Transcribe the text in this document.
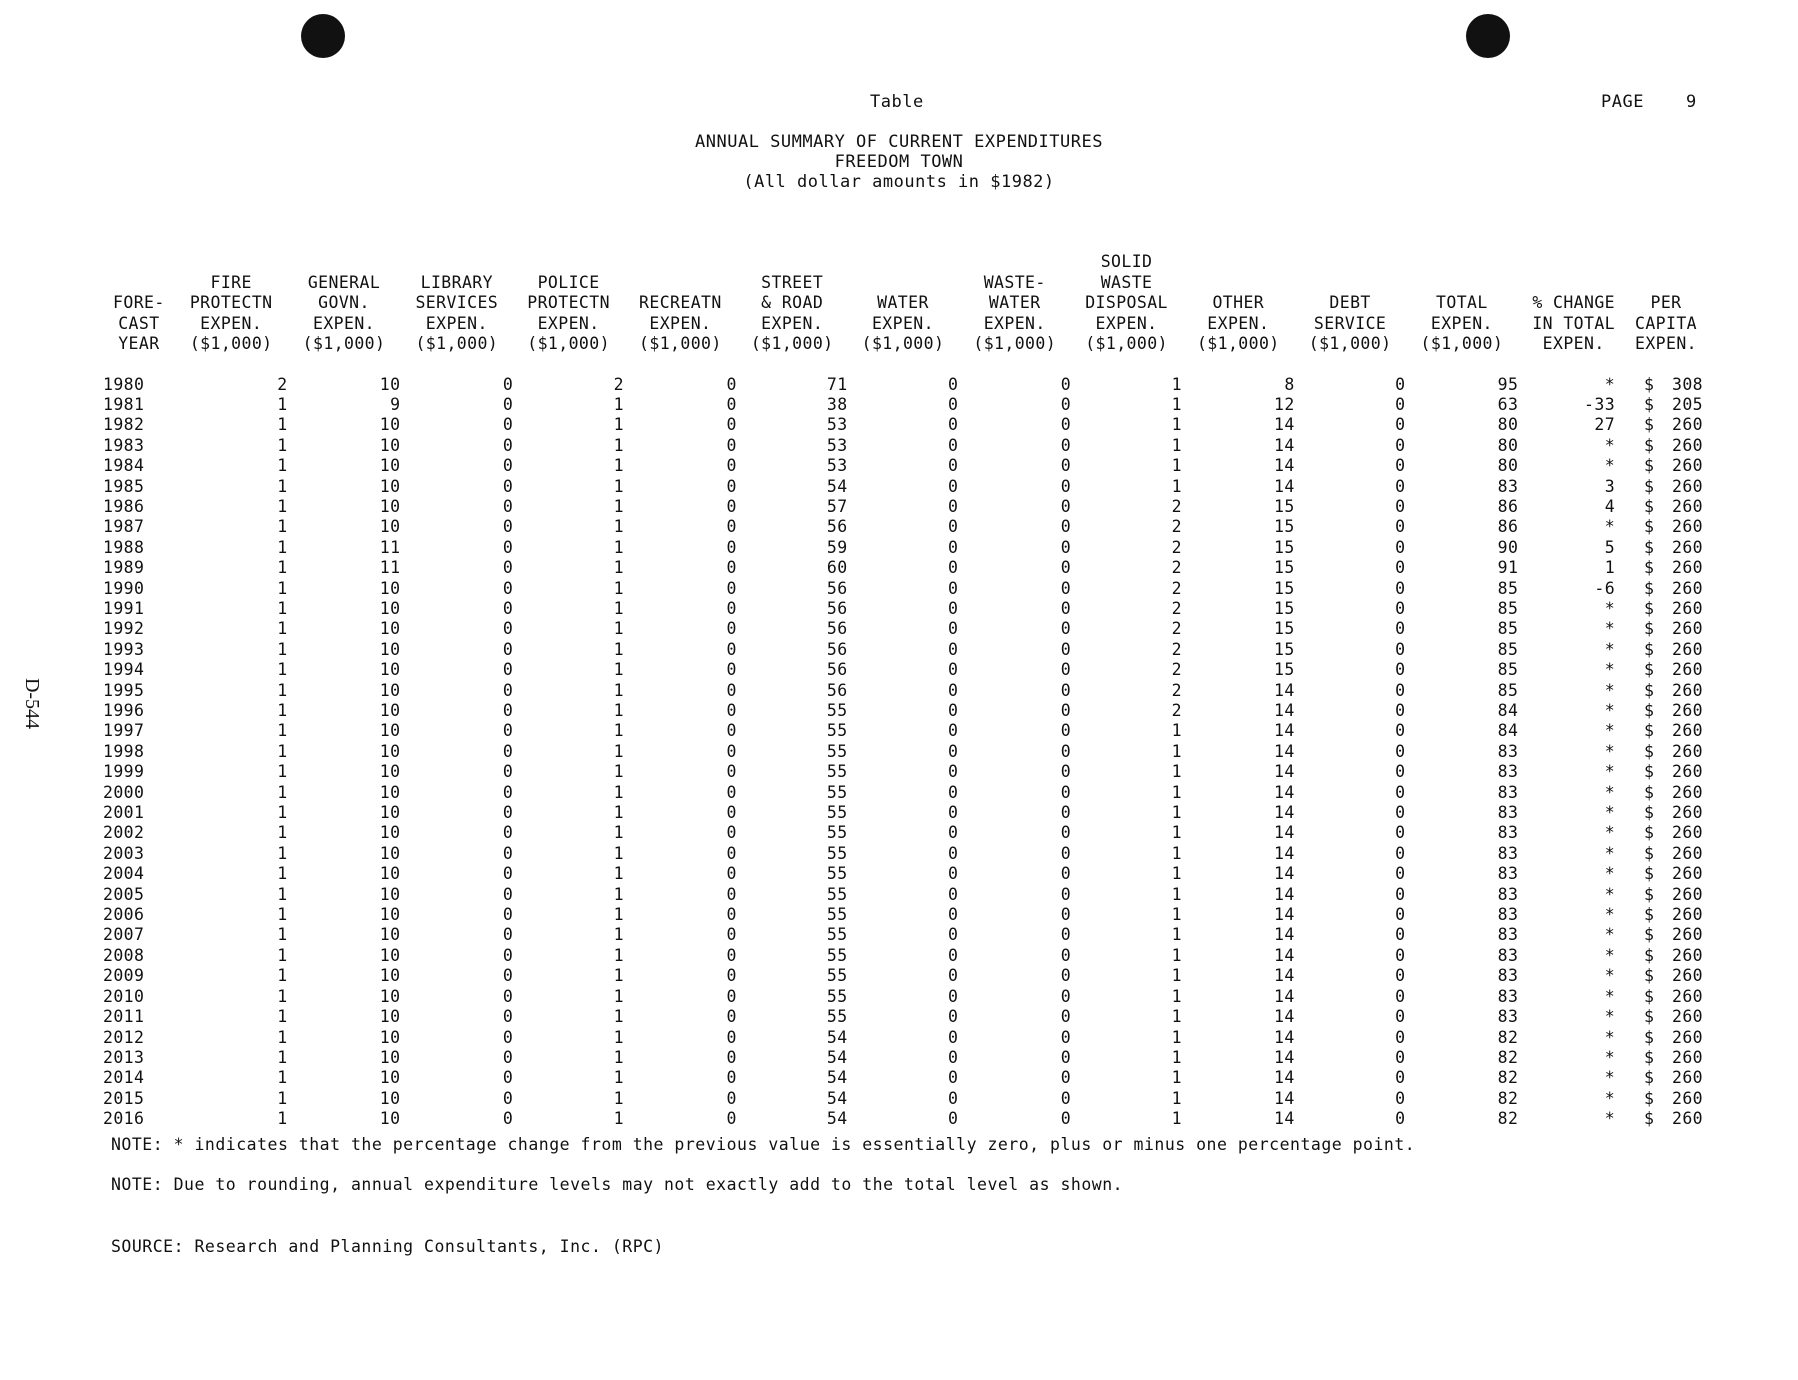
Table	PAGE 9
ANNUAL SUMMARY OF CURRENT EXPENDITURES
FREEDOM TOWN
(All dollar amounts in $1982)
D-544
	FIRE	GENERAL	LIBRARY	POLICE		STREET		WASTE-	SOLID WASTE					
FORE-	PROTECTN	GOVN.	SERVICES	PROTECTN	RECREATN	& ROAD	WATER	WATER	DISPOSAL	OTHER	DEBT	TOTAL	% CHANGE	PER
CAST	EXPEN.	EXPEN.	EXPEN.	EXPEN.	EXPEN.	EXPEN.	EXPEN.	EXPEN.	EXPEN.	EXPEN.	SERVICE	EXPEN.	IN TOTAL	CAPITA
YEAR	($1,000)	($1,000)	($1,000)	($1,000)	($1,000)	($1,000)	($1,000)	($1,000)	($1,000)	($1,000)	($1,000)	($1,000)	EXPEN.	EXPEN.
1980	2	10	0	2	0	71	0	0	1	8	0	95	*	$ 308
1981	1	9	0	1	0	38	0	0	1	12	0	63	-33	$ 205
1982	1	10	0	1	0	53	0	0	1	14	0	80	27	$ 260
1983	1	10	0	1	0	53	0	0	1	14	0	80	*	$ 260
1984	1	10	0	1	0	53	0	0	1	14	0	80	*	$ 260
1985	1	10	0	1	0	54	0	0	1	14	0	83	3	$ 260
1986	1	10	0	1	0	57	0	0	2	15	0	86	4	$ 260
1987	1	10	0	1	0	56	0	0	2	15	0	86	*	$ 260
1988	1	11	0	1	0	59	0	0	2	15	0	90	5	$ 260
1989	1	11	0	1	0	60	0	0	2	15	0	91	1	$ 260
1990	1	10	0	1	0	56	0	0	2	15	0	85	-6	$ 260
1991	1	10	0	1	0	56	0	0	2	15	0	85	*	$ 260
1992	1	10	0	1	0	56	0	0	2	15	0	85	*	$ 260
1993	1	10	0	1	0	56	0	0	2	15	0	85	*	$ 260
1994	1	10	0	1	0	56	0	0	2	15	0	85	*	$ 260
1995	1	10	0	1	0	56	0	0	2	14	0	85	*	$ 260
1996	1	10	0	1	0	55	0	0	2	14	0	84	*	$ 260
1997	1	10	0	1	0	55	0	0	1	14	0	84	*	$ 260
1998	1	10	0	1	0	55	0	0	1	14	0	83	*	$ 260
1999	1	10	0	1	0	55	0	0	1	14	0	83	*	$ 260
2000	1	10	0	1	0	55	0	0	1	14	0	83	*	$ 260
2001	1	10	0	1	0	55	0	0	1	14	0	83	*	$ 260
2002	1	10	0	1	0	55	0	0	1	14	0	83	*	$ 260
2003	1	10	0	1	0	55	0	0	1	14	0	83	*	$ 260
2004	1	10	0	1	0	55	0	0	1	14	0	83	*	$ 260
2005	1	10	0	1	0	55	0	0	1	14	0	83	*	$ 260
2006	1	10	0	1	0	55	0	0	1	14	0	83	*	$ 260
2007	1	10	0	1	0	55	0	0	1	14	0	83	*	$ 260
2008	1	10	0	1	0	55	0	0	1	14	0	83	*	$ 260
2009	1	10	0	1	0	55	0	0	1	14	0	83	*	$ 260
2010	1	10	0	1	0	55	0	0	1	14	0	83	*	$ 260
2011	1	10	0	1	0	55	0	0	1	14	0	83	*	$ 260
2012	1	10	0	1	0	54	0	0	1	14	0	82	*	$ 260
2013	1	10	0	1	0	54	0	0	1	14	0	82	*	$ 260
2014	1	10	0	1	0	54	0	0	1	14	0	82	*	$ 260
2015	1	10	0	1	0	54	0	0	1	14	0	82	*	$ 260
2016	1	10	0	1	0	54	0	0	1	14	0	82	*	$ 260
NOTE: * indicates that the percentage change from the previous value is essentially zero, plus or minus one percentage point.
NOTE: Due to rounding, annual expenditure levels may not exactly add to the total level as shown.
SOURCE: Research and Planning Consultants, Inc. (RPC)
